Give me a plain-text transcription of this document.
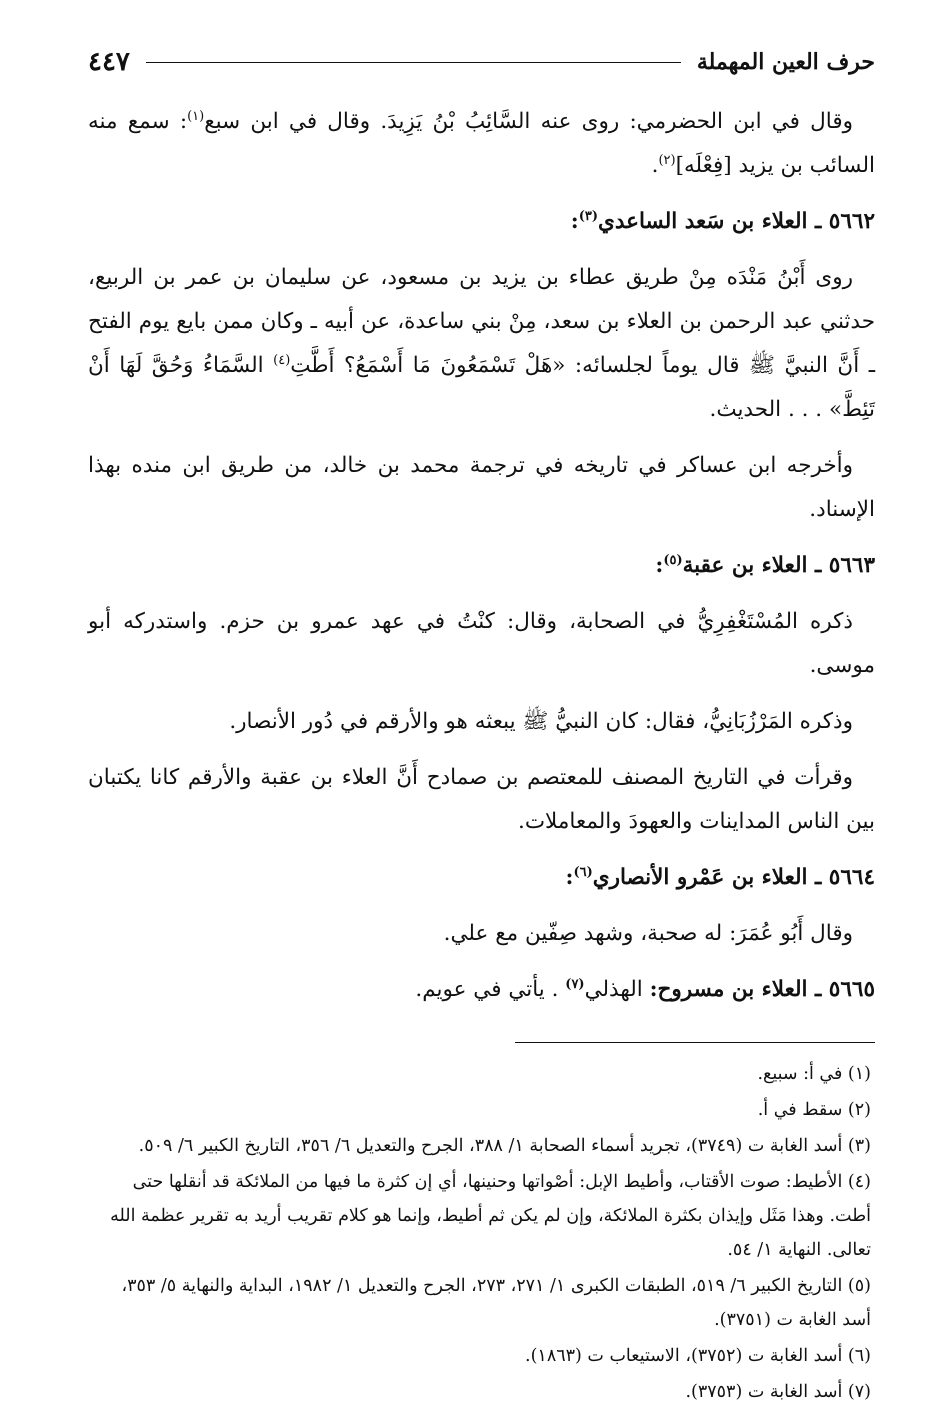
حرف العين المهملة
٤٤٧

وقال في ابن الحضرمي: روى عنه السَّائِبُ بْنُ يَزِيدَ. وقال في ابن سبع$^{(١)}$: سمع منه السائب بن يزيد [فِعْلَه]$^{(٢)}$.

٥٦٦٢ ـ العلاء بن سَعد الساعدي$^{(٣)}$:

روى أَبْنُ مَنْدَه مِنْ طريق عطاء بن يزيد بن مسعود، عن سليمان بن عمر بن الربيع، حدثني عبد الرحمن بن العلاء بن سعد، مِنْ بني ساعدة، عن أبيه ـ وكان ممن بايع يوم الفتح ـ أَنَّ النبيَّ ﷺ قال يوماً لجلسائه: «هَلْ تَسْمَعُونَ مَا أَسْمَعُ؟ أَطَّتِ$^{(٤)}$ السَّمَاءُ وَحُقَّ لَهَا أَنْ تَئِطَّ» . . . الحديث.

وأخرجه ابن عساكر في تاريخه في ترجمة محمد بن خالد، من طريق ابن منده بهذا الإسناد.

٥٦٦٣ ـ العلاء بن عقبة$^{(٥)}$:

ذكره المُسْتَغْفِرِيُّ في الصحابة، وقال: كنْتُ في عهد عمرو بن حزم. واستدركه أبو موسى.

وذكره المَرْزُبَانِيُّ، فقال: كان النبيُّ ﷺ يبعثه هو والأرقم في دُور الأنصار.

وقرأت في التاريخ المصنف للمعتصم بن صمادح أَنَّ العلاء بن عقبة والأرقم كانا يكتبان بين الناس المداينات والعهودَ والمعاملات.

٥٦٦٤ ـ العلاء بن عَمْرو الأنصاري$^{(٦)}$:

وقال أَبُو عُمَرَ: له صحبة، وشهد صِفّين مع علي.

٥٦٦٥ ـ العلاء بن مسروح: الهذلي$^{(٧)}$ . يأتي في عويم.

(١) في أ: سبيع.

(٢) سقط في أ.

(٣) أسد الغابة ت (٣٧٤٩)، تجريد أسماء الصحابة ١/ ٣٨٨، الجرح والتعديل ٦/ ٣٥٦، التاريخ الكبير ٦/ ٥٠٩.

(٤) الأطيط: صوت الأقتاب، وأطيط الإبل: أصْواتها وحنينها، أي إن كثرة ما فيها من الملائكة قد أنقلها حتى أطت. وهذا مَثَل وإيذان بكثرة الملائكة، وإن لم يكن ثم أطيط، وإنما هو كلام تقريب أريد به تقرير عظمة الله تعالى. النهاية ١/ ٥٤.

(٥) التاريخ الكبير ٦/ ٥١٩، الطبقات الكبرى ١/ ٢٧١، ٢٧٣، الجرح والتعديل ١/ ١٩٨٢، البداية والنهاية ٥/ ٣٥٣، أسد الغابة ت (٣٧٥١).

(٦) أسد الغابة ت (٣٧٥٢)، الاستيعاب ت (١٨٦٣).

(٧) أسد الغابة ت (٣٧٥٣).
